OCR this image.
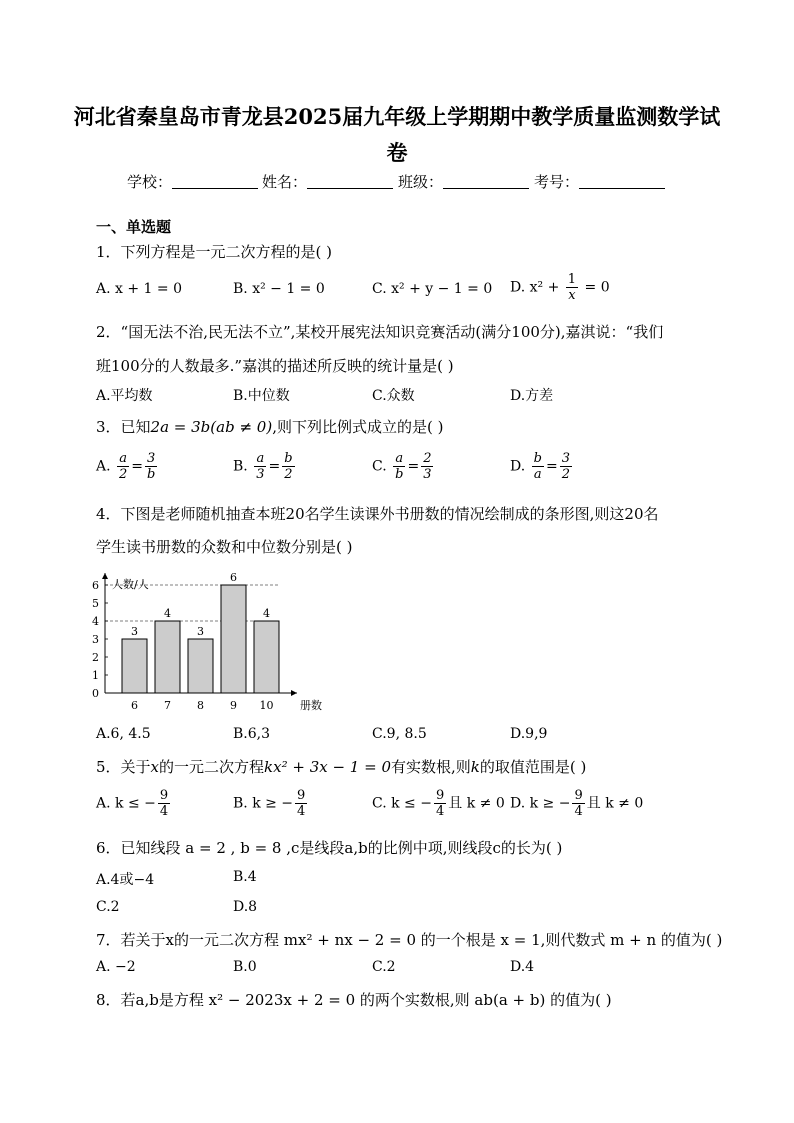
河北省秦皇岛市青龙县2025届九年级上学期期中教学质量监测数学试
卷
学校：	姓名：	班级：	考号：
一、单选题
1．下列方程是一元二次方程的是( )
A. x + 1 = 0	B. x² − 1 = 0	C. x² + y − 1 = 0 D. $x^2 + \frac{1}{x} = 0$
2．“国无法不治,民无法不立”,某校开展宪法知识竞赛活动(满分100分),嘉淇说：“我们
班100分的人数最多.”嘉淇的描述所反映的统计量是( )
A.平均数	B.中位数	C.众数	D.方差
3．已知2a = 3b(ab ≠ 0),则下列比例式成立的是( )
A. $\frac{a}{2} = \frac{3}{b}$	B. $\frac{a}{3} = \frac{b}{2}$	C. $\frac{a}{b} = \frac{2}{3}$	D. $\frac{b}{a} = \frac{3}{2}$
4．下图是老师随机抽查本班20名学生读课外书册数的情况绘制成的条形图,则这20名
学生读书册数的众数和中位数分别是( )
0
1
2
3
4
5
6 人数/人
册数
3
6
4
7
3
8
6
9
4
10
A.6, 4.5	B.6,3	C.9, 8.5	D.9,9
5．关于x的一元二次方程kx² + 3x − 1 = 0有实数根,则k的取值范围是( )
A. k ≤ − $\frac{9}{4}$	B. k ≥ − $\frac{9}{4}$	C. k ≤ − $\frac{9}{4}$ 且 k ≠ 0 D. k ≥ − $\frac{9}{4}$ 且 k ≠ 0
6．已知线段 a = 2 , b = 8 ,c是线段a,b的比例中项,则线段c的长为( )
A.4或−4	B.4
C.2	D.8
7．若关于x的一元二次方程 mx² + nx − 2 = 0 的一个根是 x = 1,则代数式 m + n 的值为( )
A. −2	B.0	C.2	D.4
8．若a,b是方程 x² − 2023x + 2 = 0 的两个实数根,则 ab(a + b) 的值为( )
